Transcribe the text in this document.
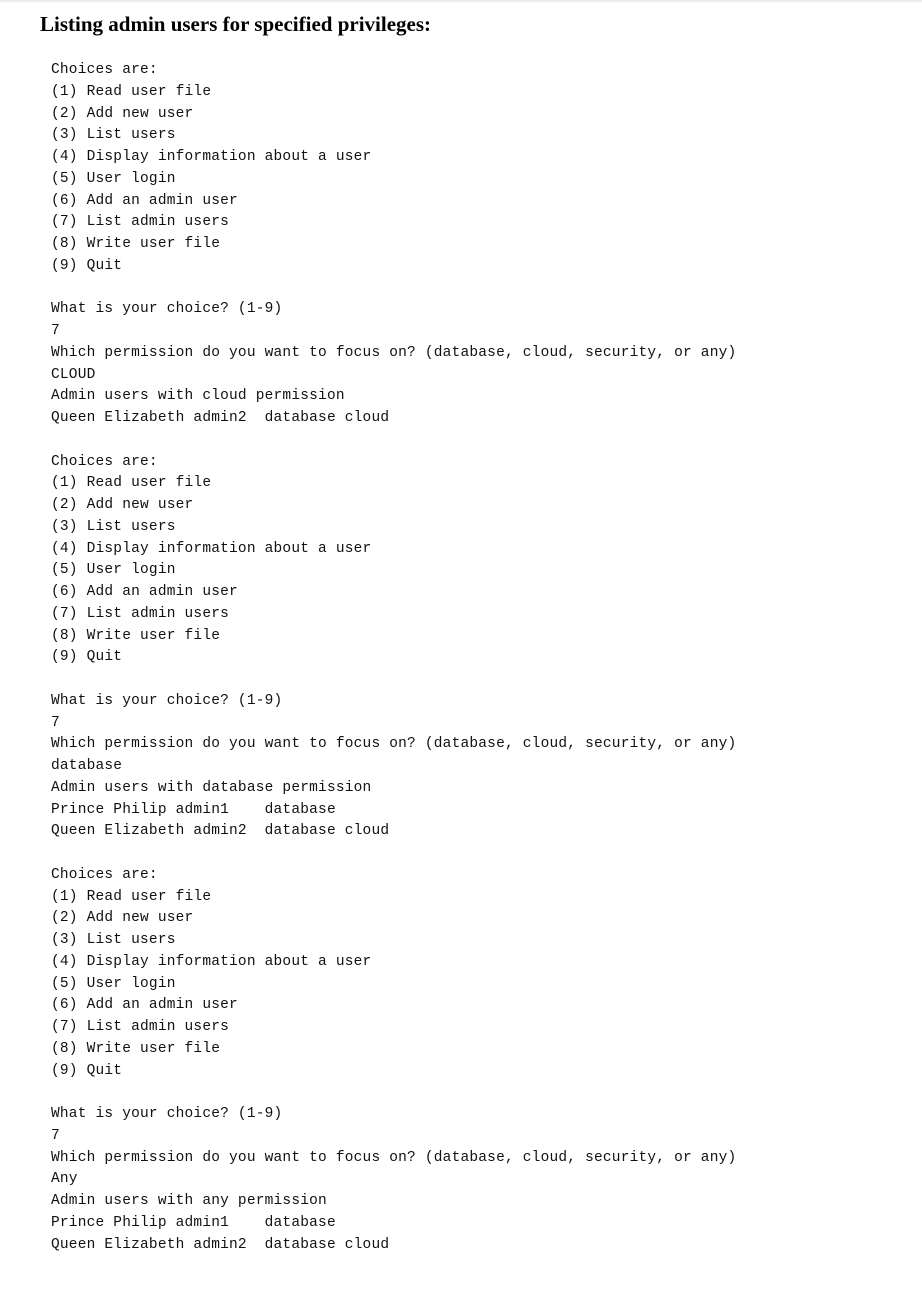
Listing admin users for specified privileges:
Choices are:
(1) Read user file
(2) Add new user
(3) List users
(4) Display information about a user
(5) User login
(6) Add an admin user
(7) List admin users
(8) Write user file
(9) Quit
What is your choice? (1-9)
7
Which permission do you want to focus on? (database, cloud, security, or any)
CLOUD
Admin users with cloud permission
Queen Elizabeth admin2  database cloud
Choices are:
(1) Read user file
(2) Add new user
(3) List users
(4) Display information about a user
(5) User login
(6) Add an admin user
(7) List admin users
(8) Write user file
(9) Quit
What is your choice? (1-9)
7
Which permission do you want to focus on? (database, cloud, security, or any)
database
Admin users with database permission
Prince Philip admin1    database
Queen Elizabeth admin2  database cloud
Choices are:
(1) Read user file
(2) Add new user
(3) List users
(4) Display information about a user
(5) User login
(6) Add an admin user
(7) List admin users
(8) Write user file
(9) Quit
What is your choice? (1-9)
7
Which permission do you want to focus on? (database, cloud, security, or any)
Any
Admin users with any permission
Prince Philip admin1    database
Queen Elizabeth admin2  database cloud
